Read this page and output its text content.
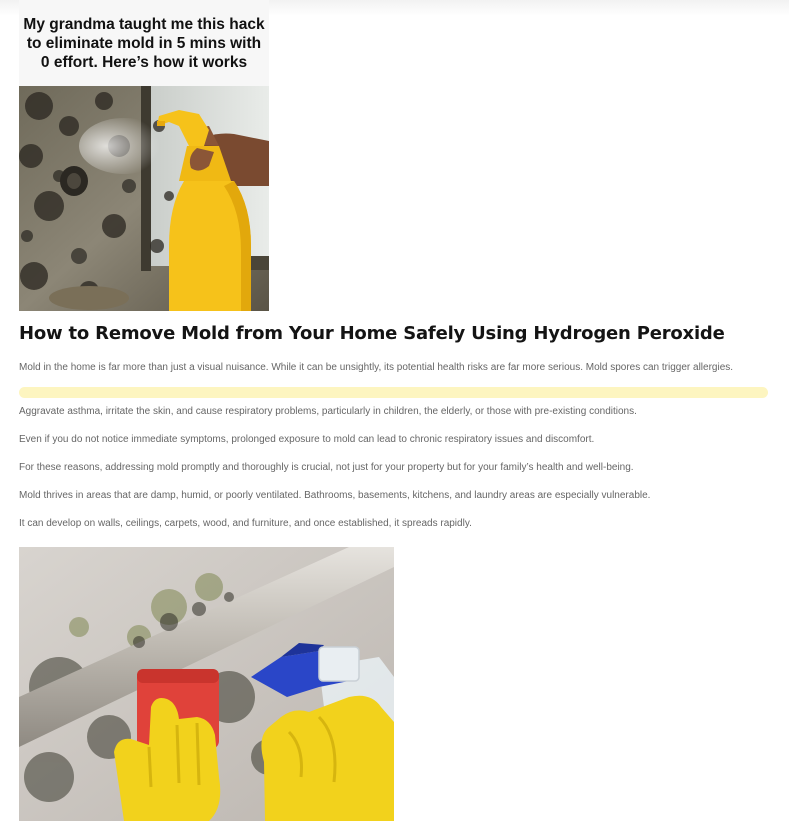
My grandma taught me this hack to eliminate mold in 5 mins with 0 effort. Here’s how it works
How to Remove Mold from Your Home Safely Using Hydrogen Peroxide

Mold in the home is far more than just a visual nuisance. While it can be unsightly, its potential health risks are far more serious. Mold spores can trigger allergies.

Aggravate asthma, irritate the skin, and cause respiratory problems, particularly in children, the elderly, or those with pre-existing conditions.

Even if you do not notice immediate symptoms, prolonged exposure to mold can lead to chronic respiratory issues and discomfort.

For these reasons, addressing mold promptly and thoroughly is crucial, not just for your property but for your family’s health and well-being.

Mold thrives in areas that are damp, humid, or poorly ventilated. Bathrooms, basements, kitchens, and laundry areas are especially vulnerable.

It can develop on walls, ceilings, carpets, wood, and furniture, and once established, it spreads rapidly.
